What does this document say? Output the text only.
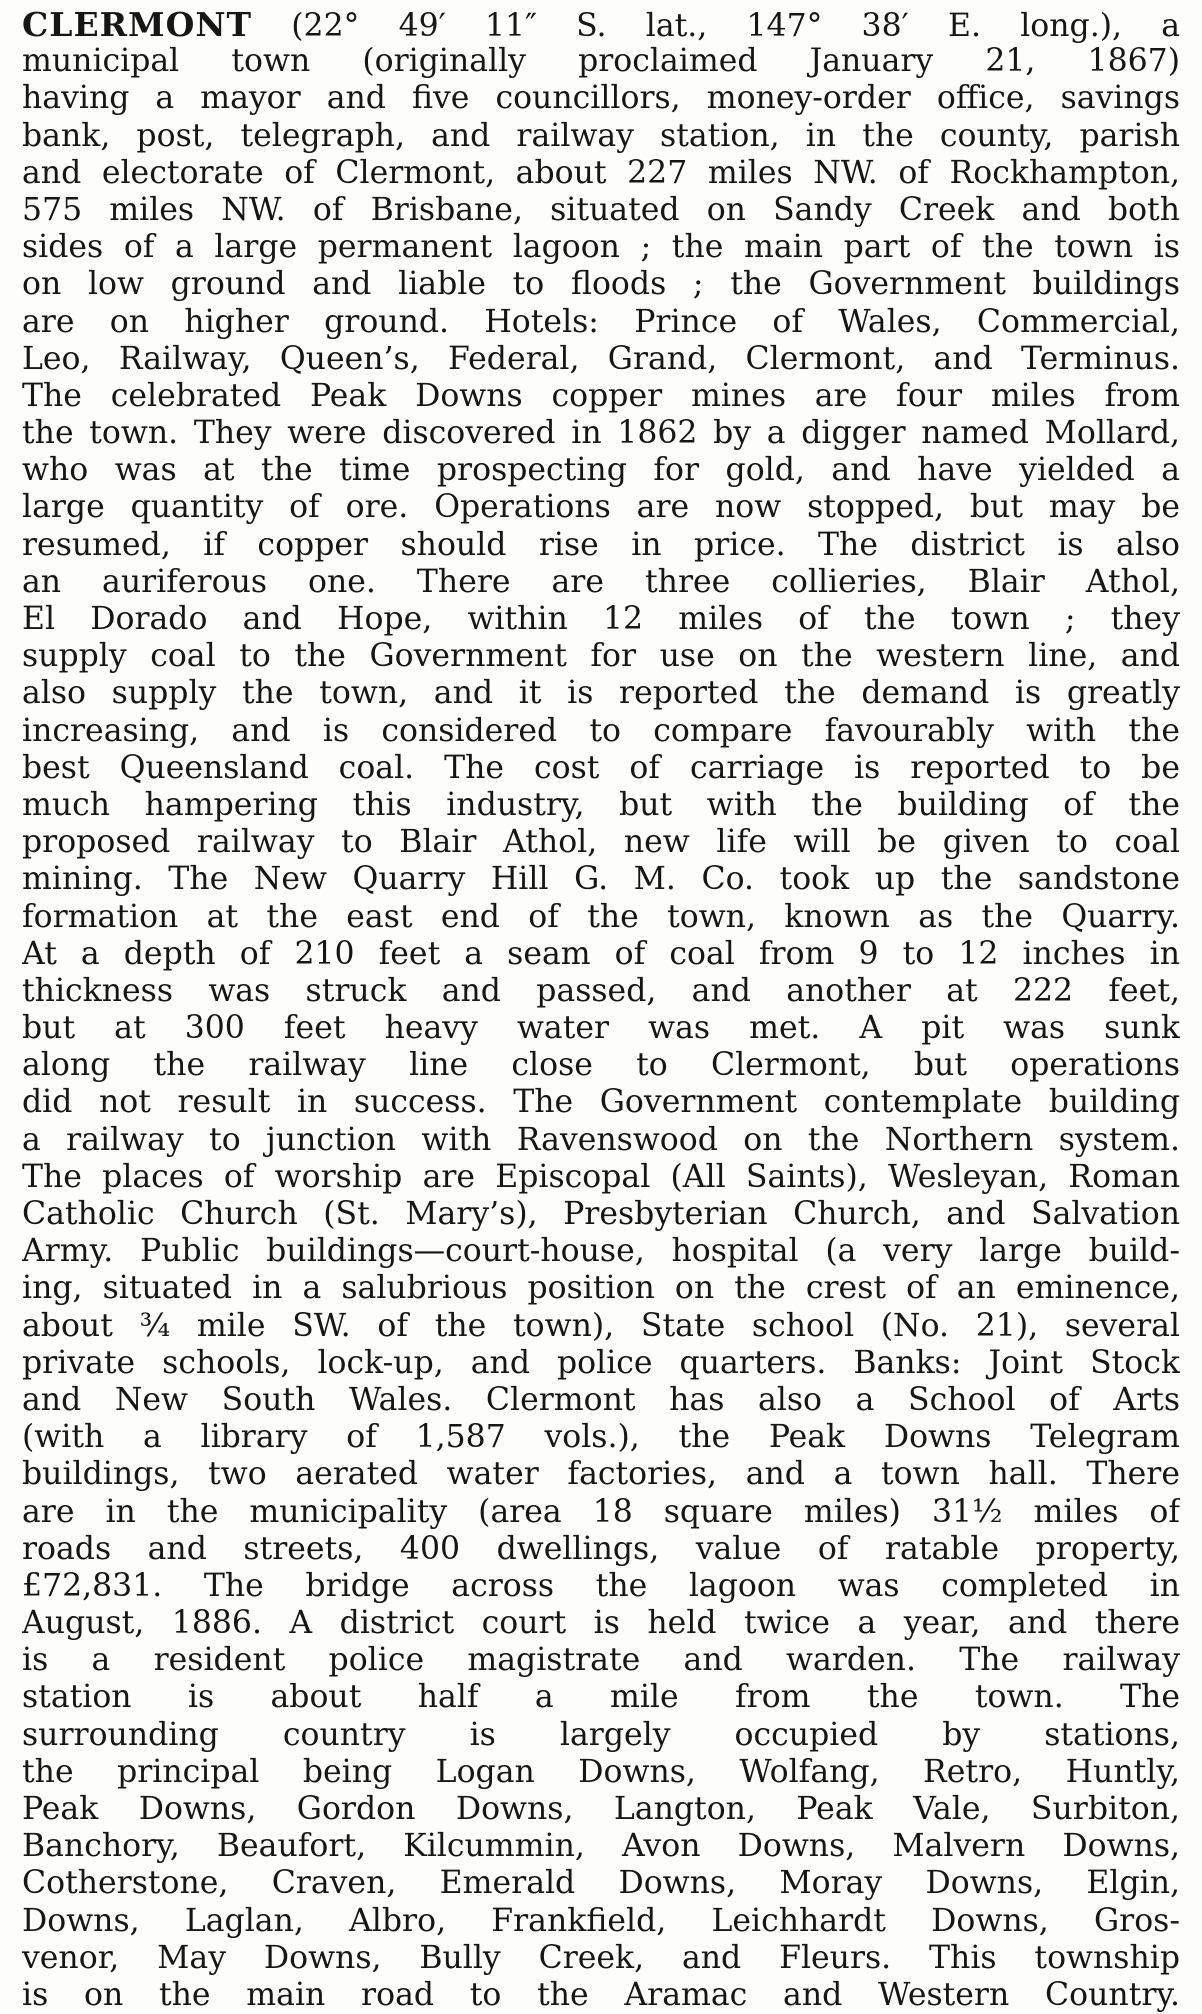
CLERMONT (22° 49′ 11″ S. lat., 147° 38′ E. long.), a
municipal town (originally proclaimed January 21, 1867)
having a mayor and five councillors, money-order office, savings
bank, post, telegraph, and railway station, in the county, parish
and electorate of Clermont, about 227 miles NW. of Rockhampton,
575 miles NW. of Brisbane, situated on Sandy Creek and both
sides of a large permanent lagoon ; the main part of the town is
on low ground and liable to floods ; the Government buildings
are on higher ground. Hotels: Prince of Wales, Commercial,
Leo, Railway, Queen’s, Federal, Grand, Clermont, and Terminus.
The celebrated Peak Downs copper mines are four miles from
the town. They were discovered in 1862 by a digger named Mollard,
who was at the time prospecting for gold, and have yielded a
large quantity of ore. Operations are now stopped, but may be
resumed, if copper should rise in price. The district is also
an auriferous one. There are three collieries, Blair Athol,
El Dorado and Hope, within 12 miles of the town ; they
supply coal to the Government for use on the western line, and
also supply the town, and it is reported the demand is greatly
increasing, and is considered to compare favourably with the
best Queensland coal. The cost of carriage is reported to be
much hampering this industry, but with the building of the
proposed railway to Blair Athol, new life will be given to coal
mining. The New Quarry Hill G. M. Co. took up the sandstone
formation at the east end of the town, known as the Quarry.
At a depth of 210 feet a seam of coal from 9 to 12 inches in
thickness was struck and passed, and another at 222 feet,
but at 300 feet heavy water was met. A pit was sunk
along the railway line close to Clermont, but operations
did not result in success. The Government contemplate building
a railway to junction with Ravenswood on the Northern system.
The places of worship are Episcopal (All Saints), Wesleyan, Roman
Catholic Church (St. Mary’s), Presbyterian Church, and Salvation
Army. Public buildings—court-house, hospital (a very large build-
ing, situated in a salubrious position on the crest of an eminence,
about ¾ mile SW. of the town), State school (No. 21), several
private schools, lock-up, and police quarters. Banks: Joint Stock
and New South Wales. Clermont has also a School of Arts
(with a library of 1,587 vols.), the Peak Downs Telegram
buildings, two aerated water factories, and a town hall. There
are in the municipality (area 18 square miles) 31½ miles of
roads and streets, 400 dwellings, value of ratable property,
£72,831. The bridge across the lagoon was completed in
August, 1886. A district court is held twice a year, and there
is a resident police magistrate and warden. The railway
station is about half a mile from the town. The
surrounding country is largely occupied by stations,
the principal being Logan Downs, Wolfang, Retro, Huntly,
Peak Downs, Gordon Downs, Langton, Peak Vale, Surbiton,
Banchory, Beaufort, Kilcummin, Avon Downs, Malvern Downs,
Cotherstone, Craven, Emerald Downs, Moray Downs, Elgin,
Downs, Laglan, Albro, Frankfield, Leichhardt Downs, Gros-
venor, May Downs, Bully Creek, and Fleurs. This township
is on the main road to the Aramac and Western Country.
